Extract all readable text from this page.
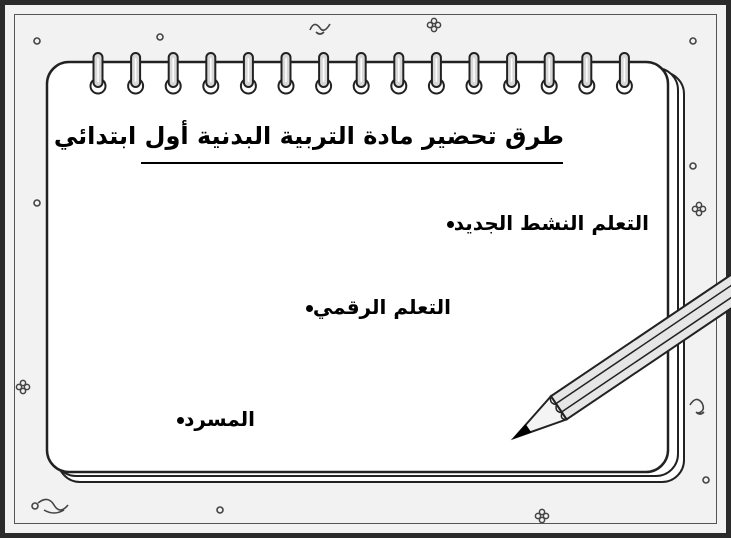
طرق تحضير مادة التربية البدنية أول ابتدائي
التعلم النشط الجديد
التعلم الرقمي
المسرد
